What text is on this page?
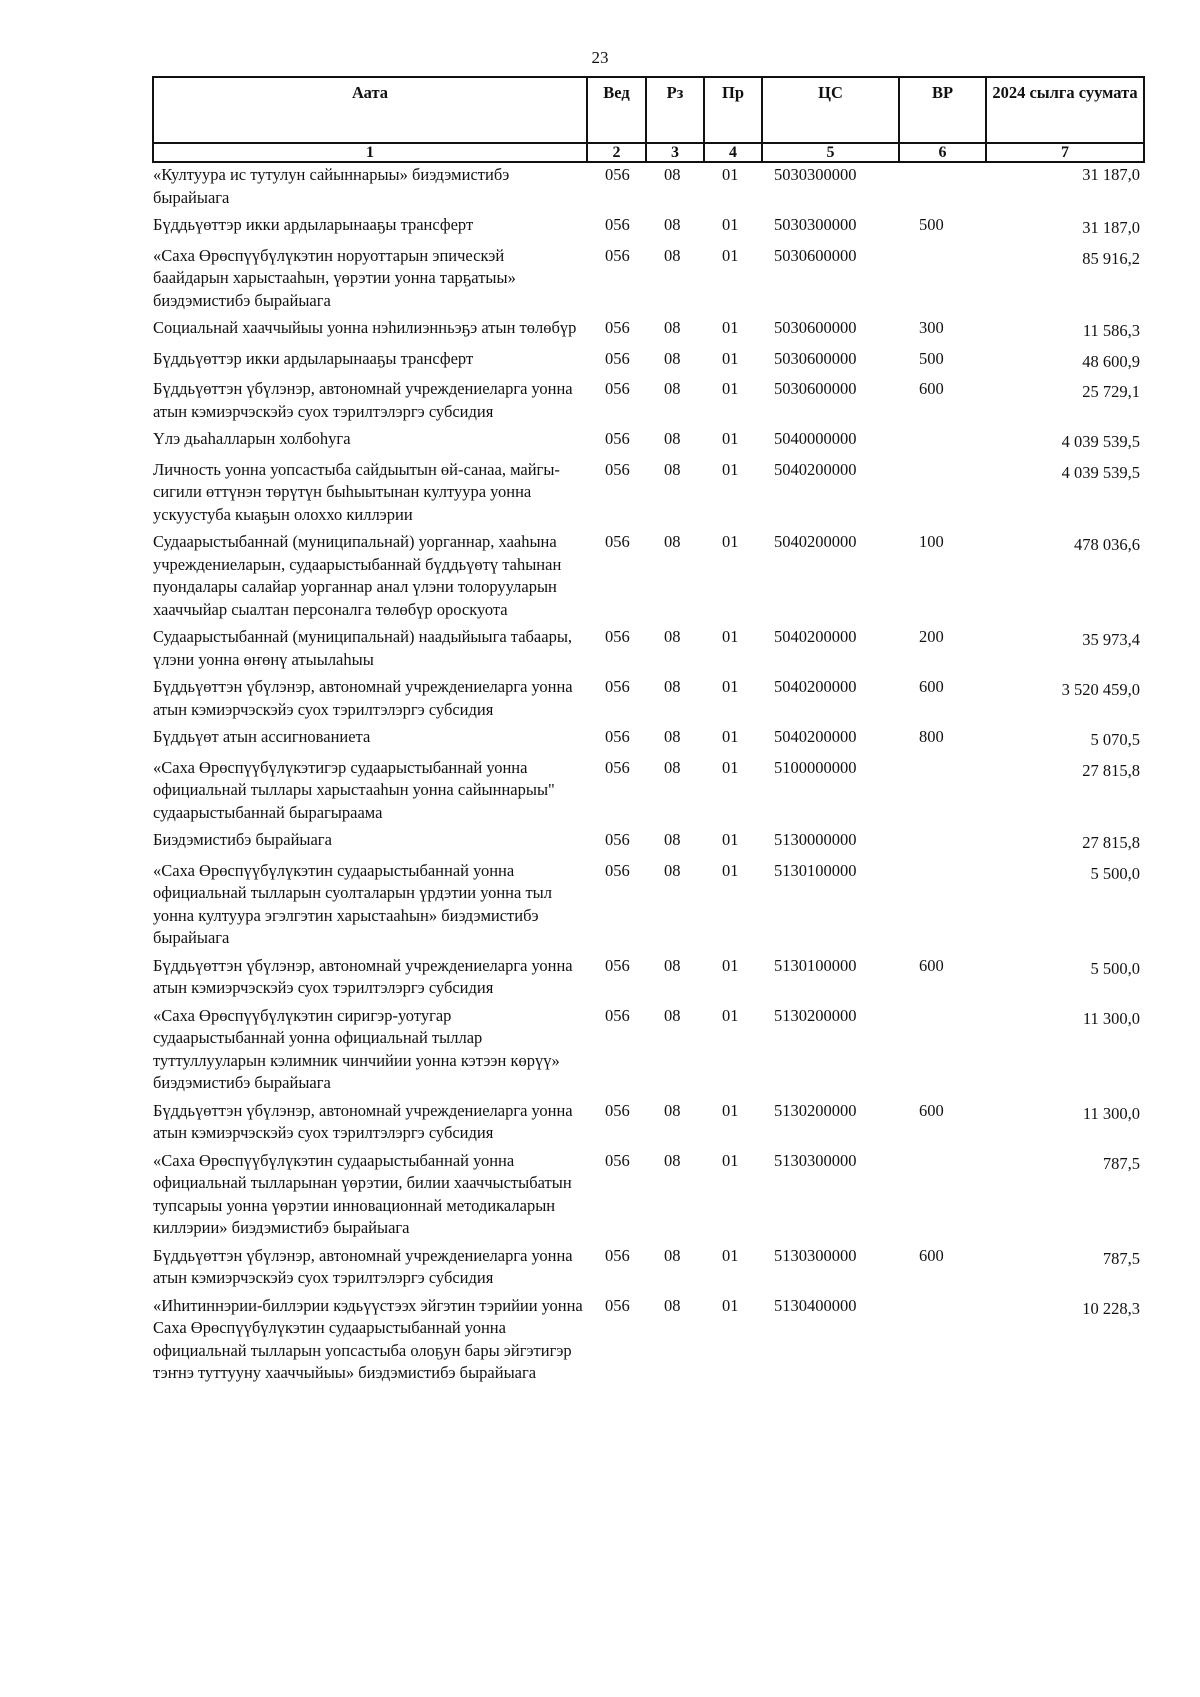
23
Аата	Вед	Рз	Пр	ЦС	ВР	2024 сылга суумата
1	2	3	4	5	6	7
«Култуура ис тутулун сайыннарыы» биэдэмистибэ бырайыага	056	08	01	5030300000		31 187,0
Бүддьүөттэр икки ардыларынааҕы трансферт	056	08	01	5030300000	500	31 187,0
«Саха Өрөспүүбүлүкэтин норуоттарын эпическэй баайдарын харыстааһын, үөрэтии уонна тарҕатыы» биэдэмистибэ бырайыага	056	08	01	5030600000		85 916,2
Социальнай хааччыйыы уонна нэһилиэнньэҕэ атын төлөбүр	056	08	01	5030600000	300	11 586,3
Бүддьүөттэр икки ардыларынааҕы трансферт	056	08	01	5030600000	500	48 600,9
Бүддьүөттэн үбүлэнэр, автономнай учреждениеларга уонна атын кэмиэрчэскэйэ суох тэрилтэлэргэ субсидия	056	08	01	5030600000	600	25 729,1
Үлэ дьаһалларын холбоһуга	056	08	01	5040000000		4 039 539,5
Личность уонна уопсастыба сайдыытын өй-санаа, майгы-сигили өттүнэн төрүтүн быһыытынан култуура уонна ускуустуба кыаҕын олоххо киллэрии	056	08	01	5040200000		4 039 539,5
Судаарыстыбаннай (муниципальнай) уорганнар, хааһына учреждениеларын, судаарыстыбаннай бүддьүөтү таһынан пуондалары салайар уорганнар анал үлэни толорууларын хааччыйар сыалтан персоналга төлөбүр ороскуота	056	08	01	5040200000	100	478 036,6
Судаарыстыбаннай (муниципальнай) наадыйыыга табаары, үлэни уонна өҥөнү атыылаһыы	056	08	01	5040200000	200	35 973,4
Бүддьүөттэн үбүлэнэр, автономнай учреждениеларга уонна атын кэмиэрчэскэйэ суох тэрилтэлэргэ субсидия	056	08	01	5040200000	600	3 520 459,0
Бүддьүөт атын ассигнованиета	056	08	01	5040200000	800	5 070,5
«Саха Өрөспүүбүлүкэтигэр судаарыстыбаннай уонна официальнай тыллары харыстааһын уонна сайыннарыы" судаарыстыбаннай бырагыраама	056	08	01	5100000000		27 815,8
Биэдэмистибэ бырайыага	056	08	01	5130000000		27 815,8
«Саха Өрөспүүбүлүкэтин судаарыстыбаннай уонна официальнай тылларын суолталарын үрдэтии уонна тыл уонна култуура эгэлгэтин харыстааһын» биэдэмистибэ бырайыага	056	08	01	5130100000		5 500,0
Бүддьүөттэн үбүлэнэр, автономнай учреждениеларга уонна атын кэмиэрчэскэйэ суох тэрилтэлэргэ субсидия	056	08	01	5130100000	600	5 500,0
«Саха Өрөспүүбүлүкэтин сиригэр-уотугар судаарыстыбаннай уонна официальнай тыллар туттуллууларын кэлимник чинчийии уонна кэтээн көрүү» биэдэмистибэ бырайыага	056	08	01	5130200000		11 300,0
Бүддьүөттэн үбүлэнэр, автономнай учреждениеларга уонна атын кэмиэрчэскэйэ суох тэрилтэлэргэ субсидия	056	08	01	5130200000	600	11 300,0
«Саха Өрөспүүбүлүкэтин судаарыстыбаннай уонна официальнай тылларынан үөрэтии, билии хааччыстыбатын тупсарыы уонна үөрэтии инновационнай методикаларын киллэрии» биэдэмистибэ бырайыага	056	08	01	5130300000		787,5
Бүддьүөттэн үбүлэнэр, автономнай учреждениеларга уонна атын кэмиэрчэскэйэ суох тэрилтэлэргэ субсидия	056	08	01	5130300000	600	787,5
«Иһитиннэрии-биллэрии кэдьүүстээх эйгэтин тэрийии уонна Саха Өрөспүүбүлүкэтин судаарыстыбаннай уонна официальнай тылларын уопсастыба олоҕун бары эйгэтигэр тэҥнэ туттууну хааччыйыы» биэдэмистибэ бырайыага	056	08	01	5130400000		10 228,3
